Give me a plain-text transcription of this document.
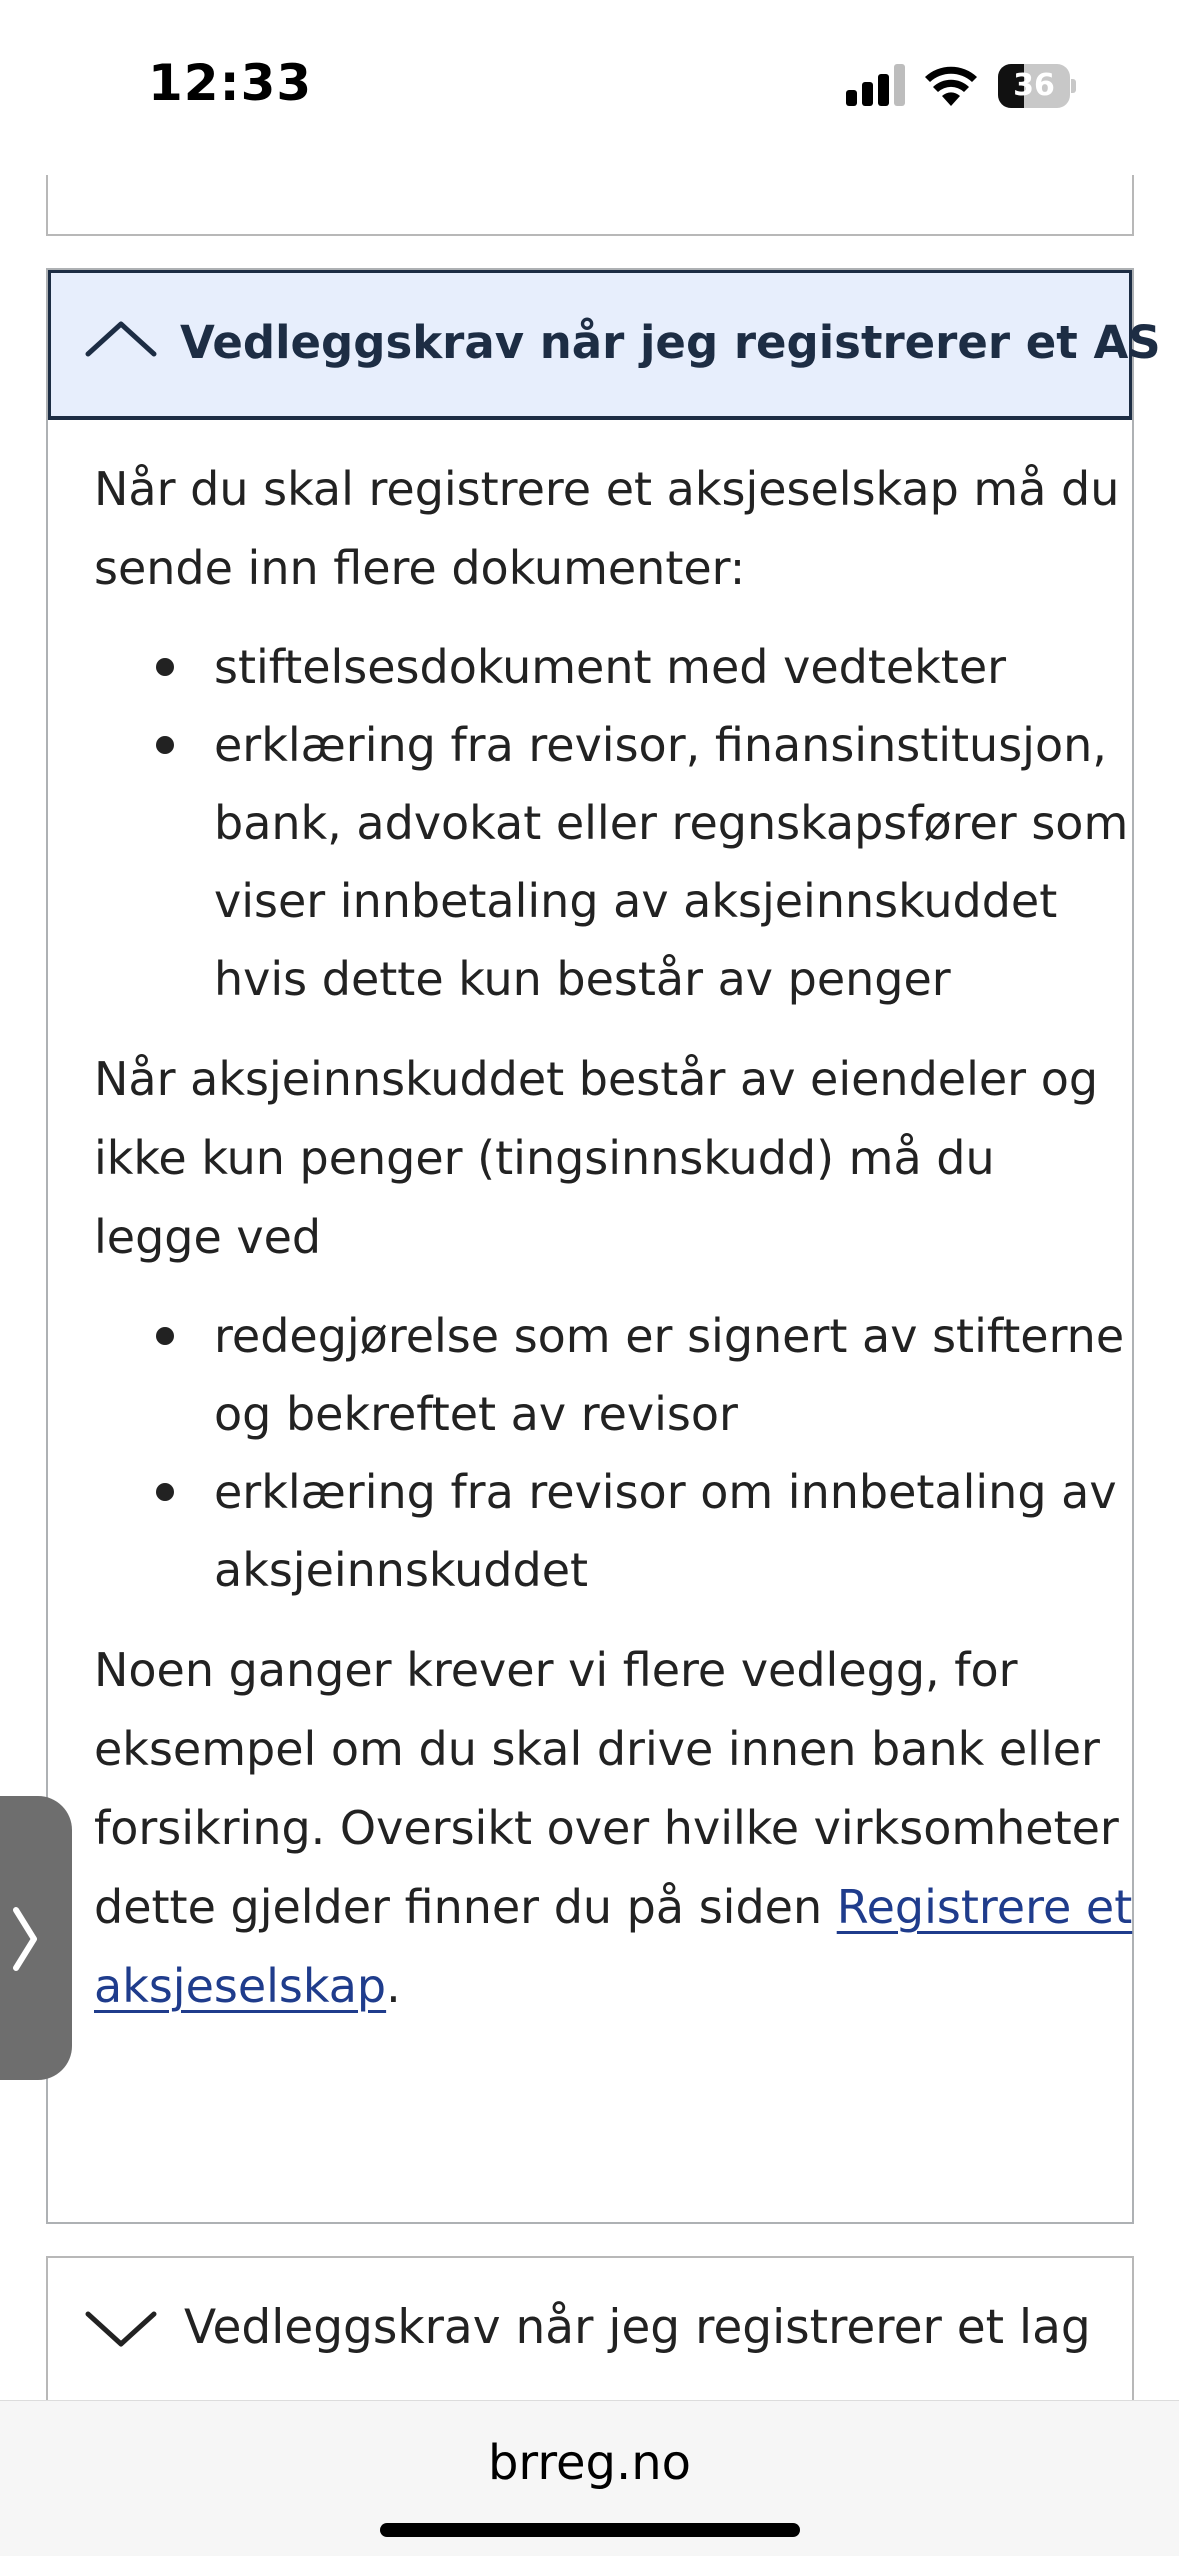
12:33	36
Vedleggskrav når jeg registrerer et AS

Når du skal registrere et aksjeselskap må du sende inn flere dokumenter:

stiftelsesdokument med vedtekter
erklæring fra revisor, finansinstitusjon, bank, advokat eller regnskapsfører som viser innbetaling av aksjeinnskuddet hvis dette kun består av penger

Når aksjeinnskuddet består av eiendeler og ikke kun penger (tingsinnskudd) må du legge ved

redegjørelse som er signert av stifterne og bekreftet av revisor
erklæring fra revisor om innbetaling av aksjeinnskuddet

Noen ganger krever vi flere vedlegg, for eksempel om du skal drive innen bank eller forsikring. Oversikt over hvilke virksomheter dette gjelder finner du på siden Registrere et aksjeselskap.

Vedleggskrav når jeg registrerer et lag
brreg.no
